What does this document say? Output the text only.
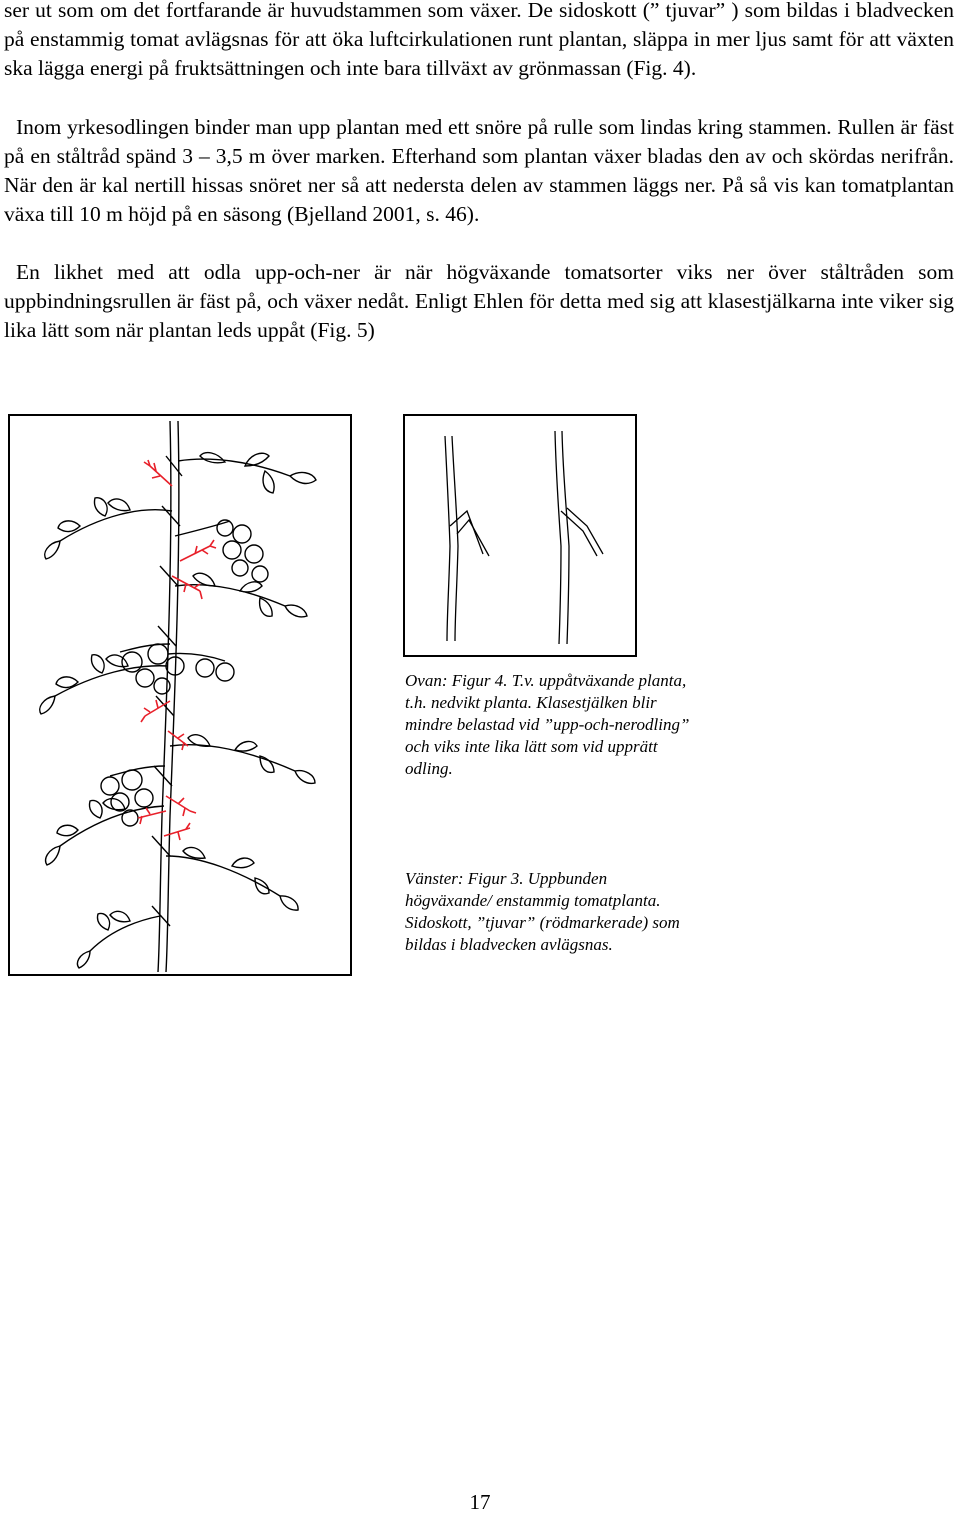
ser ut som om det fortfarande är huvudstammen som växer. De sidoskott (” tjuvar” ) som bildas i bladvecken på enstammig tomat avlägsnas för att öka luftcirkulationen runt plantan, släppa in mer ljus samt för att växten ska lägga energi på fruktsättningen och inte bara tillväxt av grönmassan (Fig. 4).

Inom yrkesodlingen binder man upp plantan med ett snöre på rulle som lindas kring stammen. Rullen är fäst på en ståltråd spänd 3 – 3,5 m över marken. Efterhand som plantan växer bladas den av och skördas nerifrån. När den är kal nertill hissas snöret ner så att nedersta delen av stammen läggs ner. På så vis kan tomatplantan växa till 10 m höjd på en säsong (Bjelland 2001, s. 46).

En likhet med att odla upp-och-ner är när högväxande tomatsorter viks ner över ståltråden som uppbindningsrullen är fäst på, och växer nedåt. Enligt Ehlen för detta med sig att klasestjälkarna inte viker sig lika lätt som när plantan leds uppåt (Fig. 5)

Ovan: Figur 4. T.v. uppåtväxande planta, t.h. nedvikt planta. Klasestjälken blir mindre belastad vid ”upp-och-nerodling” och viks inte lika lätt som vid upprätt odling.

Vänster: Figur 3. Uppbunden högväxande/ enstammig tomatplanta. Sidoskott, ”tjuvar” (rödmarkerade) som bildas i bladvecken avlägsnas.

17
